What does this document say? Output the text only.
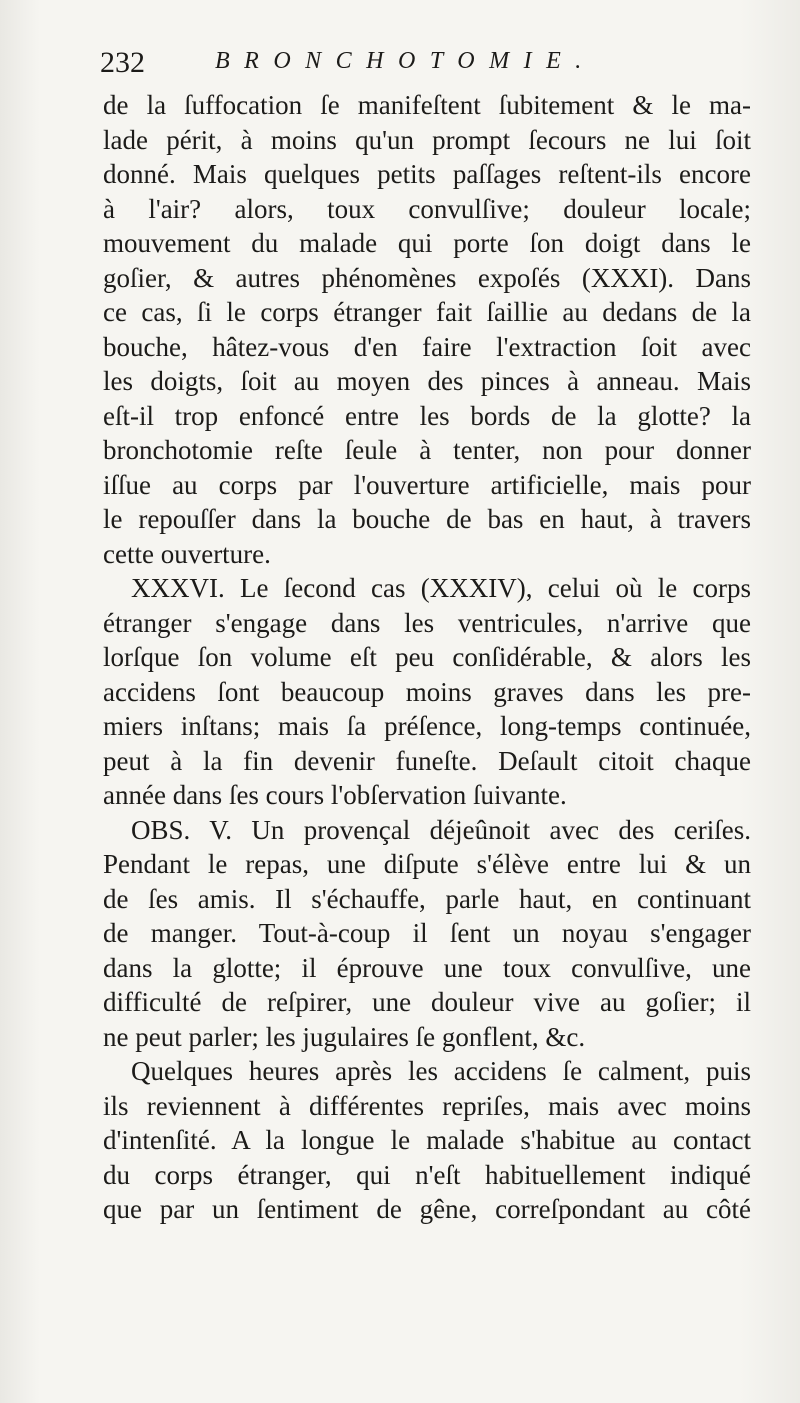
232	BRONCHOTOMIE.
de la ſuffocation ſe manifeſtent ſubitement & le ma-
lade périt, à moins qu'un prompt ſecours ne lui ſoit
donné. Mais quelques petits paſſages reſtent-ils encore
à l'air? alors, toux convulſive; douleur locale;
mouvement du malade qui porte ſon doigt dans le
goſier, & autres phénomènes expoſés (XXXI). Dans
ce cas, ſi le corps étranger fait ſaillie au dedans de la
bouche, hâtez-vous d'en faire l'extraction ſoit avec
les doigts, ſoit au moyen des pinces à anneau. Mais
eſt-il trop enfoncé entre les bords de la glotte? la
bronchotomie reſte ſeule à tenter, non pour donner
iſſue au corps par l'ouverture artificielle, mais pour
le repouſſer dans la bouche de bas en haut, à travers
cette ouverture.
XXXVI. Le ſecond cas (XXXIV), celui où le corps
étranger s'engage dans les ventricules, n'arrive que
lorſque ſon volume eſt peu conſidérable, & alors les
accidens ſont beaucoup moins graves dans les pre-
miers inſtans; mais ſa préſence, long-temps continuée,
peut à la fin devenir funeſte. Deſault citoit chaque
année dans ſes cours l'obſervation ſuivante.
OBS. V. Un provençal déjeûnoit avec des ceriſes.
Pendant le repas, une diſpute s'élève entre lui & un
de ſes amis. Il s'échauffe, parle haut, en continuant
de manger. Tout-à-coup il ſent un noyau s'engager
dans la glotte; il éprouve une toux convulſive, une
difficulté de reſpirer, une douleur vive au goſier; il
ne peut parler; les jugulaires ſe gonflent, &c.
Quelques heures après les accidens ſe calment, puis
ils reviennent à différentes repriſes, mais avec moins
d'intenſité. A la longue le malade s'habitue au contact
du corps étranger, qui n'eſt habituellement indiqué
que par un ſentiment de gêne, correſpondant au côté
